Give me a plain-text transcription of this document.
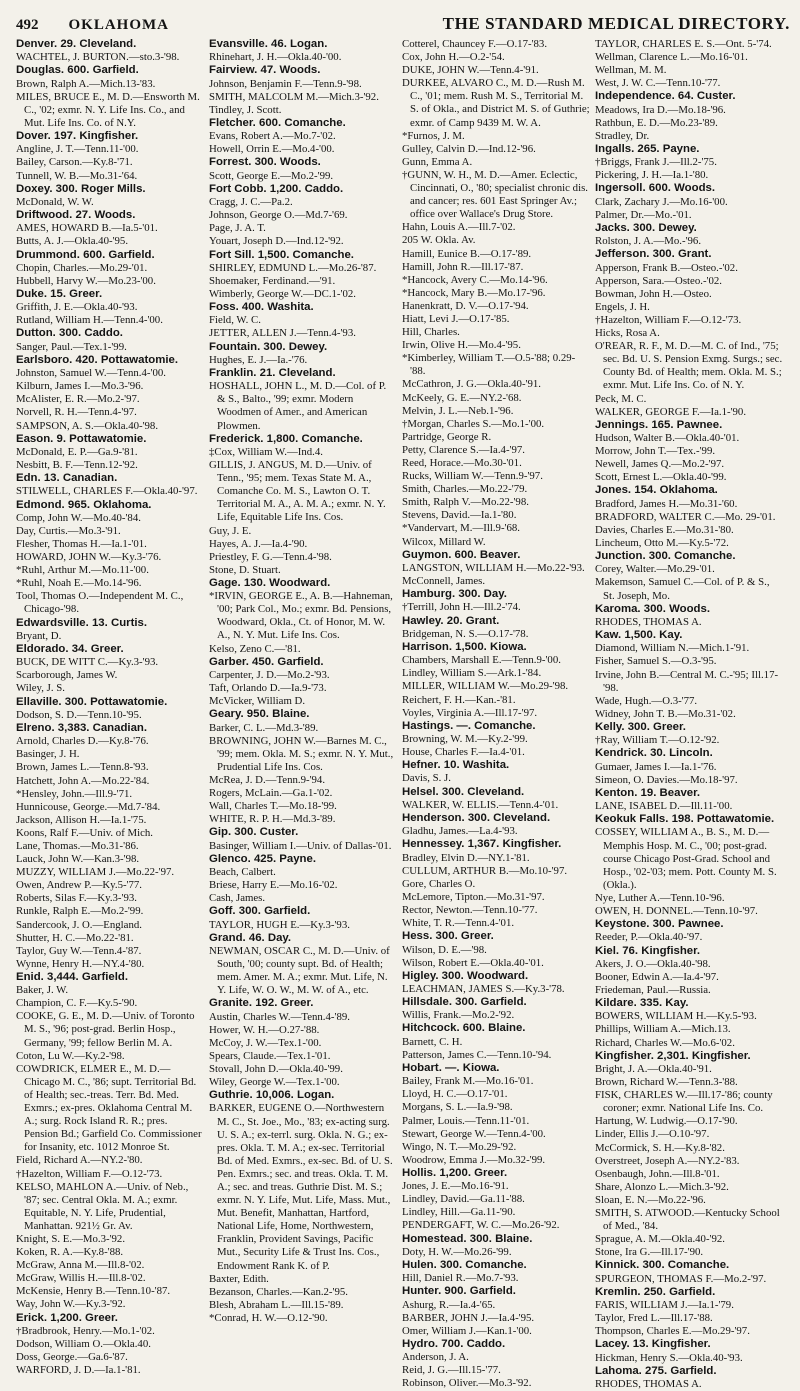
492 OKLAHOMA	THE STANDARD MEDICAL DIRECTORY.

Denver. 29. Cleveland.

WACHTEL, J. BURTON.—sto.3-'98.

Douglas. 600. Garfield.

Brown, Ralph A.—Mich.13-'83.

MILES, BRUCE E., M. D.—Ensworth M. C., '02; exmr. N. Y. Life Ins. Co., and Mut. Life Ins. Co. of N.Y.

Dover. 197. Kingfisher.

Angline, J. T.—Tenn.11-'00.

Bailey, Carson.—Ky.8-'71.

Tunnell, W. B.—Mo.31-'64.

Doxey. 300. Roger Mills.

McDonald, W. W.

Driftwood. 27. Woods.

AMES, HOWARD B.—Ia.5-'01.

Butts, A. J.—Okla.40-'95.

Drummond. 600. Garfield.

Chopin, Charles.—Mo.29-'01.

Hubbell, Harvy W.—Mo.23-'00.

Duke. 15. Greer.

Griffith, J. E.—Okla.40-'93.

Rutland, William H.—Tenn.4-'00.

Dutton. 300. Caddo.

Sanger, Paul.—Tex.1-'99.

Earlsboro. 420. Pottawatomie.

Johnston, Samuel W.—Tenn.4-'00.

Kilburn, James I.—Mo.3-'96.

McAlister, E. R.—Mo.2-'97.

Norvell, R. H.—Tenn.4-'97.

SAMPSON, A. S.—Okla.40-'98.

Eason. 9. Pottawatomie.

McDonald, E. P.—Ga.9-'81.

Nesbitt, B. F.—Tenn.12-'92.

Edn. 13. Canadian.

STILWELL, CHARLES F.—Okla.40-'97.

Edmond. 965. Oklahoma.

Comp, John W.—Mo.40-'84.

Day, Curtis.—Mo.3-'91.

Flesher, Thomas H.—Ia.1-'01.

HOWARD, JOHN W.—Ky.3-'76.

*Ruhl, Arthur M.—Mo.11-'00.

*Ruhl, Noah E.—Mo.14-'96.

Tool, Thomas O.—Independent M. C., Chicago-'98.

Edwardsville. 13. Curtis.

Bryant, D.

Eldorado. 34. Greer.

BUCK, DE WITT C.—Ky.3-'93.

Scarborough, James W.

Wiley, J. S.

Ellaville. 300. Pottawatomie.

Dodson, S. D.—Tenn.10-'95.

Elreno. 3,383. Canadian.

Arnold, Charles D.—Ky.8-'76.

Basinger, J. H.

Brown, James L.—Tenn.8-'93.

Hatchett, John A.—Mo.22-'84.

*Hensley, John.—Ill.9-'71.

Hunnicouse, George.—Md.7-'84.

Jackson, Allison H.—Ia.1-'75.

Koons, Ralf F.—Univ. of Mich.

Lane, Thomas.—Mo.31-'86.

Lauck, John W.—Kan.3-'98.

MUZZY, WILLIAM J.—Mo.22-'97.

Owen, Andrew P.—Ky.5-'77.

Roberts, Silas F.—Ky.3-'93.

Runkle, Ralph E.—Mo.2-'99.

Sandercook, J. O.—England.

Shutter, H. C.—Mo.22-'81.

Taylor, Guy W.—Tenn.4-'87.

Wynne, Henry H.—NY.4-'80.

Enid. 3,444. Garfield.

Baker, J. W.

Champion, C. F.—Ky.5-'90.

COOKE, G. E., M. D.—Univ. of Toronto M. S., '96; post-grad. Berlin Hosp., Germany, '99; fellow Berlin M. A.

Coton, Lu W.—Ky.2-'98.

COWDRICK, ELMER E., M. D.—Chicago M. C., '86; supt. Territorial Bd. of Health; sec.-treas. Terr. Bd. Med. Exmrs.; ex-pres. Oklahoma Central M. A.; surg. Rock Island R. R.; pres. Pension Bd.; Garfield Co. Commissioner for Insanity, etc. 1012 Monroe St.

Field, Richard A.—NY.2-'80.

†Hazelton, William F.—O.12-'73.

KELSO, MAHLON A.—Univ. of Neb., '87; sec. Central Okla. M. A.; exmr. Equitable, N. Y. Life, Prudential, Manhattan. 921½ Gr. Av.

Knight, S. E.—Mo.3-'92.

Koken, R. A.—Ky.8-'88.

McGraw, Anna M.—Ill.8-'02.

McGraw, Willis H.—Ill.8-'02.

McKensie, Henry B.—Tenn.10-'87.

Way, John W.—Ky.3-'92.

Erick. 1,200. Greer.

†Bradbrook, Henry.—Mo.1-'02.

Dodson, William O.—Okla.40.

Doss, George.—Ga.6-'87.

WARFORD, J. D.—Ia.1-'81.

Evansville. 46. Logan.

Rhinehart, J. H.—Okla.40-'00.

Fairview. 47. Woods.

Johnson, Benjamin F.—Tenn.9-'98.

SMITH, MALCOLM M.—Mich.3-'92.

Tindley, J. Scott.

Fletcher. 600. Comanche.

Evans, Robert A.—Mo.7-'02.

Howell, Orrin E.—Mo.4-'00.

Forrest. 300. Woods.

Scott, George E.—Mo.2-'99.

Fort Cobb. 1,200. Caddo.

Cragg, J. C.—Pa.2.

Johnson, George O.—Md.7-'69.

Page, J. A. T.

Youart, Joseph D.—Ind.12-'92.

Fort Sill. 1,500. Comanche.

SHIRLEY, EDMUND L.—Mo.26-'87.

Shoemaker, Ferdinand.—'91.

Wimberly, George W.—DC.1-'02.

Foss. 400. Washita.

Field, W. C.

JETTER, ALLEN J.—Tenn.4-'93.

Fountain. 300. Dewey.

Hughes, E. J.—Ia.-'76.

Franklin. 21. Cleveland.

HOSHALL, JOHN L., M. D.—Col. of P. & S., Balto., '99; exmr. Modern Woodmen of Amer., and American Plowmen.

Frederick. 1,800. Comanche.

‡Cox, William W.—Ind.4.

GILLIS, J. ANGUS, M. D.—Univ. of Tenn., '95; mem. Texas State M. A., Comanche Co. M. S., Lawton O. T. Territorial M. A., A. M. A.; exmr. N. Y. Life, Equitable Life Ins. Cos.

Guy, J. E.

Hayes, A. J.—Ia.4-'90.

Priestley, F. G.—Tenn.4-'98.

Stone, D. Stuart.

Gage. 130. Woodward.

*IRVIN, GEORGE E., A. B.—Hahneman, '00; Park Col., Mo.; exmr. Bd. Pensions, Woodward, Okla., Ct. of Honor, M. W. A., N. Y. Mut. Life Ins. Cos.

Kelso, Zeno C.—'81.

Garber. 450. Garfield.

Carpenter, J. D.—Mo.2-'93.

Taft, Orlando D.—Ia.9-'73.

McVicker, William D.

Geary. 950. Blaine.

Barker, C. L.—Md.3-'89.

BROWNING, JOHN W.—Barnes M. C., '99; mem. Okla. M. S.; exmr. N. Y. Mut., Prudential Life Ins. Cos.

McRea, J. D.—Tenn.9-'94.

Rogers, McLain.—Ga.1-'02.

Wall, Charles T.—Mo.18-'99.

WHITE, R. P. H.—Md.3-'89.

Gip. 300. Custer.

Basinger, William I.—Univ. of Dallas-'01.

Glenco. 425. Payne.

Beach, Calbert.

Briese, Harry E.—Mo.16-'02.

Cash, James.

Goff. 300. Garfield.

TAYLOR, HUGH E.—Ky.3-'93.

Grand. 46. Day.

NEWMAN, OSCAR C., M. D.—Univ. of South, '00; county supt. Bd. of Health; mem. Amer. M. A.; exmr. Mut. Life, N. Y. Life, W. O. W., M. W. of A., etc.

Granite. 192. Greer.

Austin, Charles W.—Tenn.4-'89.

Hower, W. H.—O.27-'88.

McCoy, J. W.—Tex.1-'00.

Spears, Claude.—Tex.1-'01.

Stovall, John D.—Okla.40-'99.

Wiley, George W.—Tex.1-'00.

Guthrie. 10,006. Logan.

BARKER, EUGENE O.—Northwestern M. C., St. Joe., Mo., '83; ex-acting surg. U. S. A.; ex-terrl. surg. Okla. N. G.; ex-pres. Okla. T. M. A.; ex-sec. Territorial Bd. of Med. Exmrs., ex-sec. Bd. of U. S. Pen. Exmrs.; sec. and treas. Okla. T. M. A.; sec. and treas. Guthrie Dist. M. S.; exmr. N. Y. Life, Mut. Life, Mass. Mut., Mut. Benefit, Manhattan, Hartford, National Life, Home, Northwestern, Franklin, Provident Savings, Pacific Mut., Security Life & Trust Ins. Cos., Endowment Rank K. of P.

Baxter, Edith.

Bezanson, Charles.—Kan.2-'95.

Blesh, Abraham L.—Ill.15-'89.

*Conrad, H. W.—O.12-'90.

Cotterel, Chauncey F.—O.17-'83.

Cox, John H.—O.2-'54.

DUKE, JOHN W.—Tenn.4-'91.

DURKEE, ALVARO C., M. D.—Rush M. C., '01; mem. Rush M. S., Territorial M. S. of Okla., and District M. S. of Guthrie; exmr. of Camp 9439 M. W. A.

*Furnos, J. M.

Gulley, Calvin D.—Ind.12-'96.

Gunn, Emma A.

†GUNN, W. H., M. D.—Amer. Eclectic, Cincinnati, O., '80; specialist chronic dis. and cancer; res. 601 East Springer Av.; office over Wallace's Drug Store.

Hahn, Louis A.—Ill.7-'02.

205 W. Okla. Av.

Hamill, Eunice B.—O.17-'89.

Hamill, John R.—Ill.17-'87.

*Hancock, Avery C.—Mo.14-'96.

*Hancock, Mary B.—Mo.17-'96.

Hanenkratt, D. V.—O.17-'94.

Hiatt, Levi J.—O.17-'85.

Hill, Charles.

Irwin, Olive H.—Mo.4-'95.

*Kimberley, William T.—O.5-'88; 0.29-'88.

McCathron, J. G.—Okla.40-'91.

McKeely, G. E.—NY.2-'68.

Melvin, J. L.—Neb.1-'96.

†Morgan, Charles S.—Mo.1-'00.

Partridge, George R.

Petty, Clarence S.—Ia.4-'97.

Reed, Horace.—Mo.30-'01.

Rucks, William W.—Tenn.9-'97.

Smith, Charles.—Mo.22-'79.

Smith, Ralph V.—Mo.22-'98.

Stevens, David.—Ia.1-'80.

*Vandervart, M.—Ill.9-'68.

Wilcox, Millard W.

Guymon. 600. Beaver.

LANGSTON, WILLIAM H.—Mo.22-'93.

McConnell, James.

Hamburg. 300. Day.

†Terrill, John H.—Ill.2-'74.

Hawley. 20. Grant.

Bridgeman, N. S.—O.17-'78.

Harrison. 1,500. Kiowa.

Chambers, Marshall E.—Tenn.9-'00.

Lindley, William S.—Ark.1-'84.

MILLER, WILLIAM W.—Mo.29-'98.

Reichert, F. H.—Kan.-'81.

Voyles, Virginia A.—Ill.17-'97.

Hastings. —. Comanche.

Browning, W. M.—Ky.2-'99.

House, Charles F.—Ia.4-'01.

Hefner. 10. Washita.

Davis, S. J.

Helsel. 300. Cleveland.

WALKER, W. ELLIS.—Tenn.4-'01.

Henderson. 300. Cleveland.

Gladhu, James.—La.4-'93.

Hennessey. 1,367. Kingfisher.

Bradley, Elvin D.—NY.1-'81.

CULLUM, ARTHUR B.—Mo.10-'97.

Gore, Charles O.

McLemore, Tipton.—Mo.31-'97.

Rector, Newton.—Tenn.10-'77.

White, T. R.—Tenn.4-'01.

Hess. 300. Greer.

Wilson, D. E.—'98.

Wilson, Robert E.—Okla.40-'01.

Higley. 300. Woodward.

LEACHMAN, JAMES S.—Ky.3-'78.

Hillsdale. 300. Garfield.

Willis, Frank.—Mo.2-'92.

Hitchcock. 600. Blaine.

Barnett, C. H.

Patterson, James C.—Tenn.10-'94.

Hobart. —. Kiowa.

Bailey, Frank M.—Mo.16-'01.

Lloyd, H. C.—O.17-'01.

Morgans, S. L.—Ia.9-'98.

Palmer, Louis.—Tenn.11-'01.

Stewart, George W.—Tenn.4-'00.

Wingo, N. T.—Mo.29-'92.

Woodrow, Emma J.—Mo.32-'99.

Hollis. 1,200. Greer.

Jones, J. E.—Mo.16-'91.

Lindley, David.—Ga.11-'88.

Lindley, Hill.—Ga.11-'90.

PENDERGAFT, W. C.—Mo.26-'92.

Homestead. 300. Blaine.

Doty, H. W.—Mo.26-'99.

Hulen. 300. Comanche.

Hill, Daniel R.—Mo.7-'93.

Hunter. 900. Garfield.

Ashurg, R.—Ia.4-'65.

BARBER, JOHN J.—Ia.4-'95.

Omer, William J.—Kan.1-'00.

Hydro. 700. Caddo.

Anderson, J. A.

Reid, J. G.—Ill.15-'77.

Robinson, Oliver.—Mo.3-'92.

TAYLOR, CHARLES E. S.—Ont. 5-'74.

Wellman, Clarence L.—Mo.16-'01.

Wellman, M. M.

West, J. W. C.—Tenn.10-'77.

Independence. 64. Custer.

Meadows, Ira D.—Mo.18-'96.

Rathbun, E. D.—Mo.23-'89.

Stradley, Dr.

Ingalls. 265. Payne.

†Briggs, Frank J.—Ill.2-'75.

Pickering, J. H.—Ia.1-'80.

Ingersoll. 600. Woods.

Clark, Zachary J.—Mo.16-'00.

Palmer, Dr.—Mo.-'01.

Jacks. 300. Dewey.

Rolston, J. A.—Mo.-'96.

Jefferson. 300. Grant.

Apperson, Frank B.—Osteo.-'02.

Apperson, Sara.—Osteo.-'02.

Bowman, John H.—Osteo.

Engels, J. H.

†Hazelton, William F.—O.12-'73.

Hicks, Rosa A.

O'REAR, R. F., M. D.—M. C. of Ind., '75; sec. Bd. U. S. Pension Exmg. Surgs.; sec. County Bd. of Health; mem. Okla. M. S.; exmr. Mut. Life Ins. Co. of N. Y.

Peck, M. C.

WALKER, GEORGE F.—Ia.1-'90.

Jennings. 165. Pawnee.

Hudson, Walter B.—Okla.40-'01.

Morrow, John T.—Tex.-'99.

Newell, James Q.—Mo.2-'97.

Scott, Ernest L.—Okla.40-'99.

Jones. 154. Oklahoma.

Bradford, James H.—Mo.31-'60.

BRADFORD, WALTER C.—Mo. 29-'01.

Davies, Charles E.—Mo.31-'80.

Lincheum, Otto M.—Ky.5-'72.

Junction. 300. Comanche.

Corey, Walter.—Mo.29-'01.

Makemson, Samuel C.—Col. of P. & S., St. Joseph, Mo.

Karoma. 300. Woods.

RHODES, THOMAS A.

Kaw. 1,500. Kay.

Diamond, William N.—Mich.1-'91.

Fisher, Samuel S.—O.3-'95.

Irvine, John B.—Central M. C.-'95; Ill.17-'98.

Wade, Hugh.—O.3-'77.

Widney, John T. B.—Mo.31-'02.

Kelly. 300. Greer.

†Ray, William T.—O.12-'92.

Kendrick. 30. Lincoln.

Gumaer, James I.—Ia.1-'76.

Simeon, O. Davies.—Mo.18-'97.

Kenton. 19. Beaver.

LANE, ISABEL D.—Ill.11-'00.

Keokuk Falls. 198. Pottawatomie.

COSSEY, WILLIAM A., B. S., M. D.—Memphis Hosp. M. C., '00; post-grad. course Chicago Post-Grad. School and Hosp., '02-'03; mem. Pott. County M. S. (Okla.).

Nye, Luther A.—Tenn.10-'96.

OWEN, H. DONNEL.—Tenn.10-'97.

Keystone. 300. Pawnee.

Reeder, P.—Okla.40-'97.

Kiel. 76. Kingfisher.

Akers, J. O.—Okla.40-'98.

Booner, Edwin A.—Ia.4-'97.

Friedeman, Paul.—Russia.

Kildare. 335. Kay.

BOWERS, WILLIAM H.—Ky.5-'93.

Phillips, William A.—Mich.13.

Richard, Charles W.—Mo.6-'02.

Kingfisher. 2,301. Kingfisher.

Bright, J. A.—Okla.40-'91.

Brown, Richard W.—Tenn.3-'88.

FISK, CHARLES W.—Ill.17-'86; county coroner; exmr. National Life Ins. Co.

Hartung, W. Ludwig.—O.17-'90.

Linder, Ellis J.—O.10-'97.

McCormick, S. H.—Ky.8-'82.

Overstreet, Joseph A.—NY.2-'83.

Osenbaugh, John.—Ill.8-'01.

Share, Alonzo L.—Mich.3-'92.

Sloan, E. N.—Mo.22-'96.

SMITH, S. ATWOOD.—Kentucky School of Med., '84.

Sprague, A. M.—Okla.40-'92.

Stone, Ira G.—Ill.17-'90.

Kinnick. 300. Comanche.

SPURGEON, THOMAS F.—Mo.2-'97.

Kremlin. 250. Garfield.

FARIS, WILLIAM J.—Ia.1-'79.

Taylor, Fred L.—Ill.17-'88.

Thompson, Charles E.—Mo.29-'97.

Lacey. 13. Kingfisher.

Hickman, Henry S.—Okla.40-'93.

Lahoma. 275. Garfield.

RHODES, THOMAS A.
